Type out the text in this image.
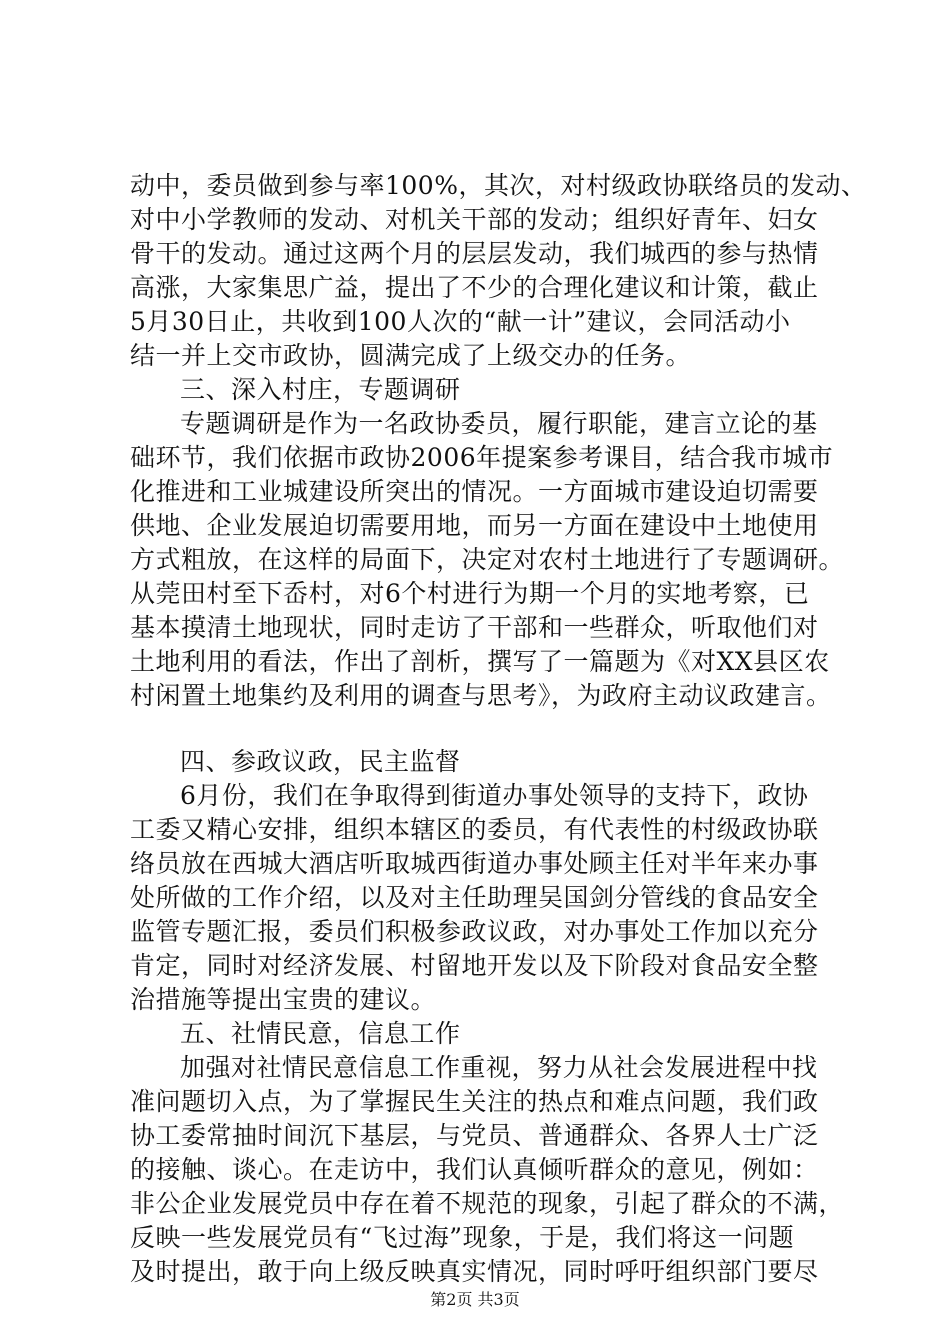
动中，委员做到参与率100%，其次，对村级政协联络员的发动、
对中小学教师的发动、对机关干部的发动；组织好青年、妇女
骨干的发动。通过这两个月的层层发动，我们城西的参与热情
高涨，大家集思广益，提出了不少的合理化建议和计策，截止
5月30日止，共收到100人次的“献一计”建议，会同活动小
结一并上交市政协，圆满完成了上级交办的任务。
三、深入村庄，专题调研
专题调研是作为一名政协委员，履行职能，建言立论的基
础环节，我们依据市政协2006年提案参考课目，结合我市城市
化推进和工业城建设所突出的情况。一方面城市建设迫切需要
供地、企业发展迫切需要用地，而另一方面在建设中土地使用
方式粗放，在这样的局面下，决定对农村土地进行了专题调研。
从莞田村至下岙村，对6个村进行为期一个月的实地考察，已
基本摸清土地现状，同时走访了干部和一些群众，听取他们对
土地利用的看法，作出了剖析，撰写了一篇题为《对XX县区农
村闲置土地集约及利用的调查与思考》，为政府主动议政建言。
四、参政议政，民主监督
6月份，我们在争取得到街道办事处领导的支持下，政协
工委又精心安排，组织本辖区的委员，有代表性的村级政协联
络员放在西城大酒店听取城西街道办事处顾主任对半年来办事
处所做的工作介绍，以及对主任助理吴国剑分管线的食品安全
监管专题汇报，委员们积极参政议政，对办事处工作加以充分
肯定，同时对经济发展、村留地开发以及下阶段对食品安全整
治措施等提出宝贵的建议。
五、社情民意，信息工作
加强对社情民意信息工作重视，努力从社会发展进程中找
准问题切入点，为了掌握民生关注的热点和难点问题，我们政
协工委常抽时间沉下基层，与党员、普通群众、各界人士广泛
的接触、谈心。在走访中，我们认真倾听群众的意见，例如：
非公企业发展党员中存在着不规范的现象，引起了群众的不满，
反映一些发展党员有“飞过海”现象，于是，我们将这一问题
及时提出，敢于向上级反映真实情况，同时呼吁组织部门要尽
第2页 共3页
